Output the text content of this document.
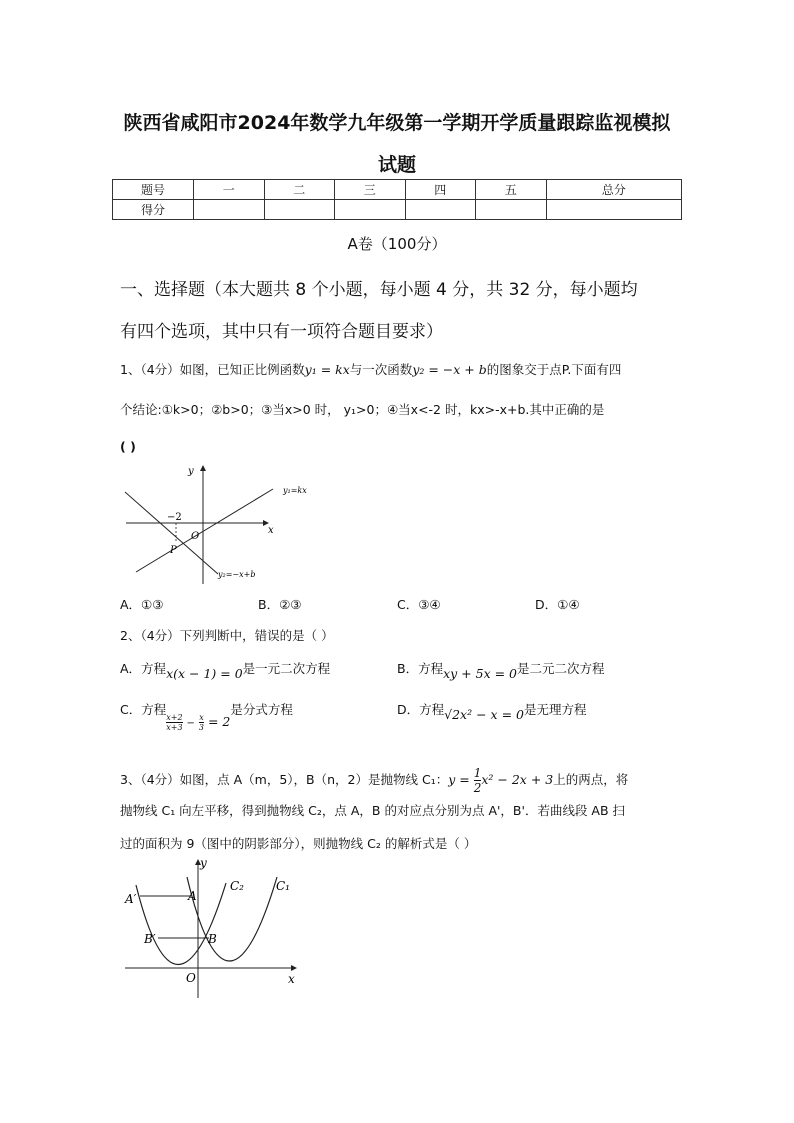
陕西省咸阳市2024年数学九年级第一学期开学质量跟踪监视模拟
试题
题号	一	二	三	四	五	总分
得分						
A卷（100分）
一、选择题（本大题共 8 个小题，每小题 4 分，共 32 分，每小题均
有四个选项，其中只有一项符合题目要求）
1、（4分）如图，已知正比例函数y₁ = kx与一次函数y₂ = −x + b的图象交于点P.下面有四
个结论:①k>0；②b>0；③当x>0 时， y₁>0；④当x<-2 时，kx>-x+b.其中正确的是
( )
y
x
O
−2
P
y₁=kx
y₂=−x+b
A．①③	B．②③	C．③④	D．①④
2、（4分）下列判断中，错误的是（ ）
A．方程x(x − 1) = 0是一元二次方程	B．方程xy + 5x = 0是二元二次方程
C．方程
$\frac{x+2}{x+3} - \frac{x}{3} = 2$是分式方程	D．方程√2x² − x = 0是无理方程
3、（4分）如图，点 A（m，5），B（n，2）是抛物线 C₁：$y = \frac{1}{2} x^2 - 2x + 3$上的两点，将
抛物线 C₁ 向左平移，得到抛物线 C₂，点 A，B 的对应点分别为点 A'，B'．若曲线段 AB 扫
过的面积为 9（图中的阴影部分），则抛物线 C₂ 的解析式是（ ）
y
x
O
A′	A
B′	B
C₂	C₁
